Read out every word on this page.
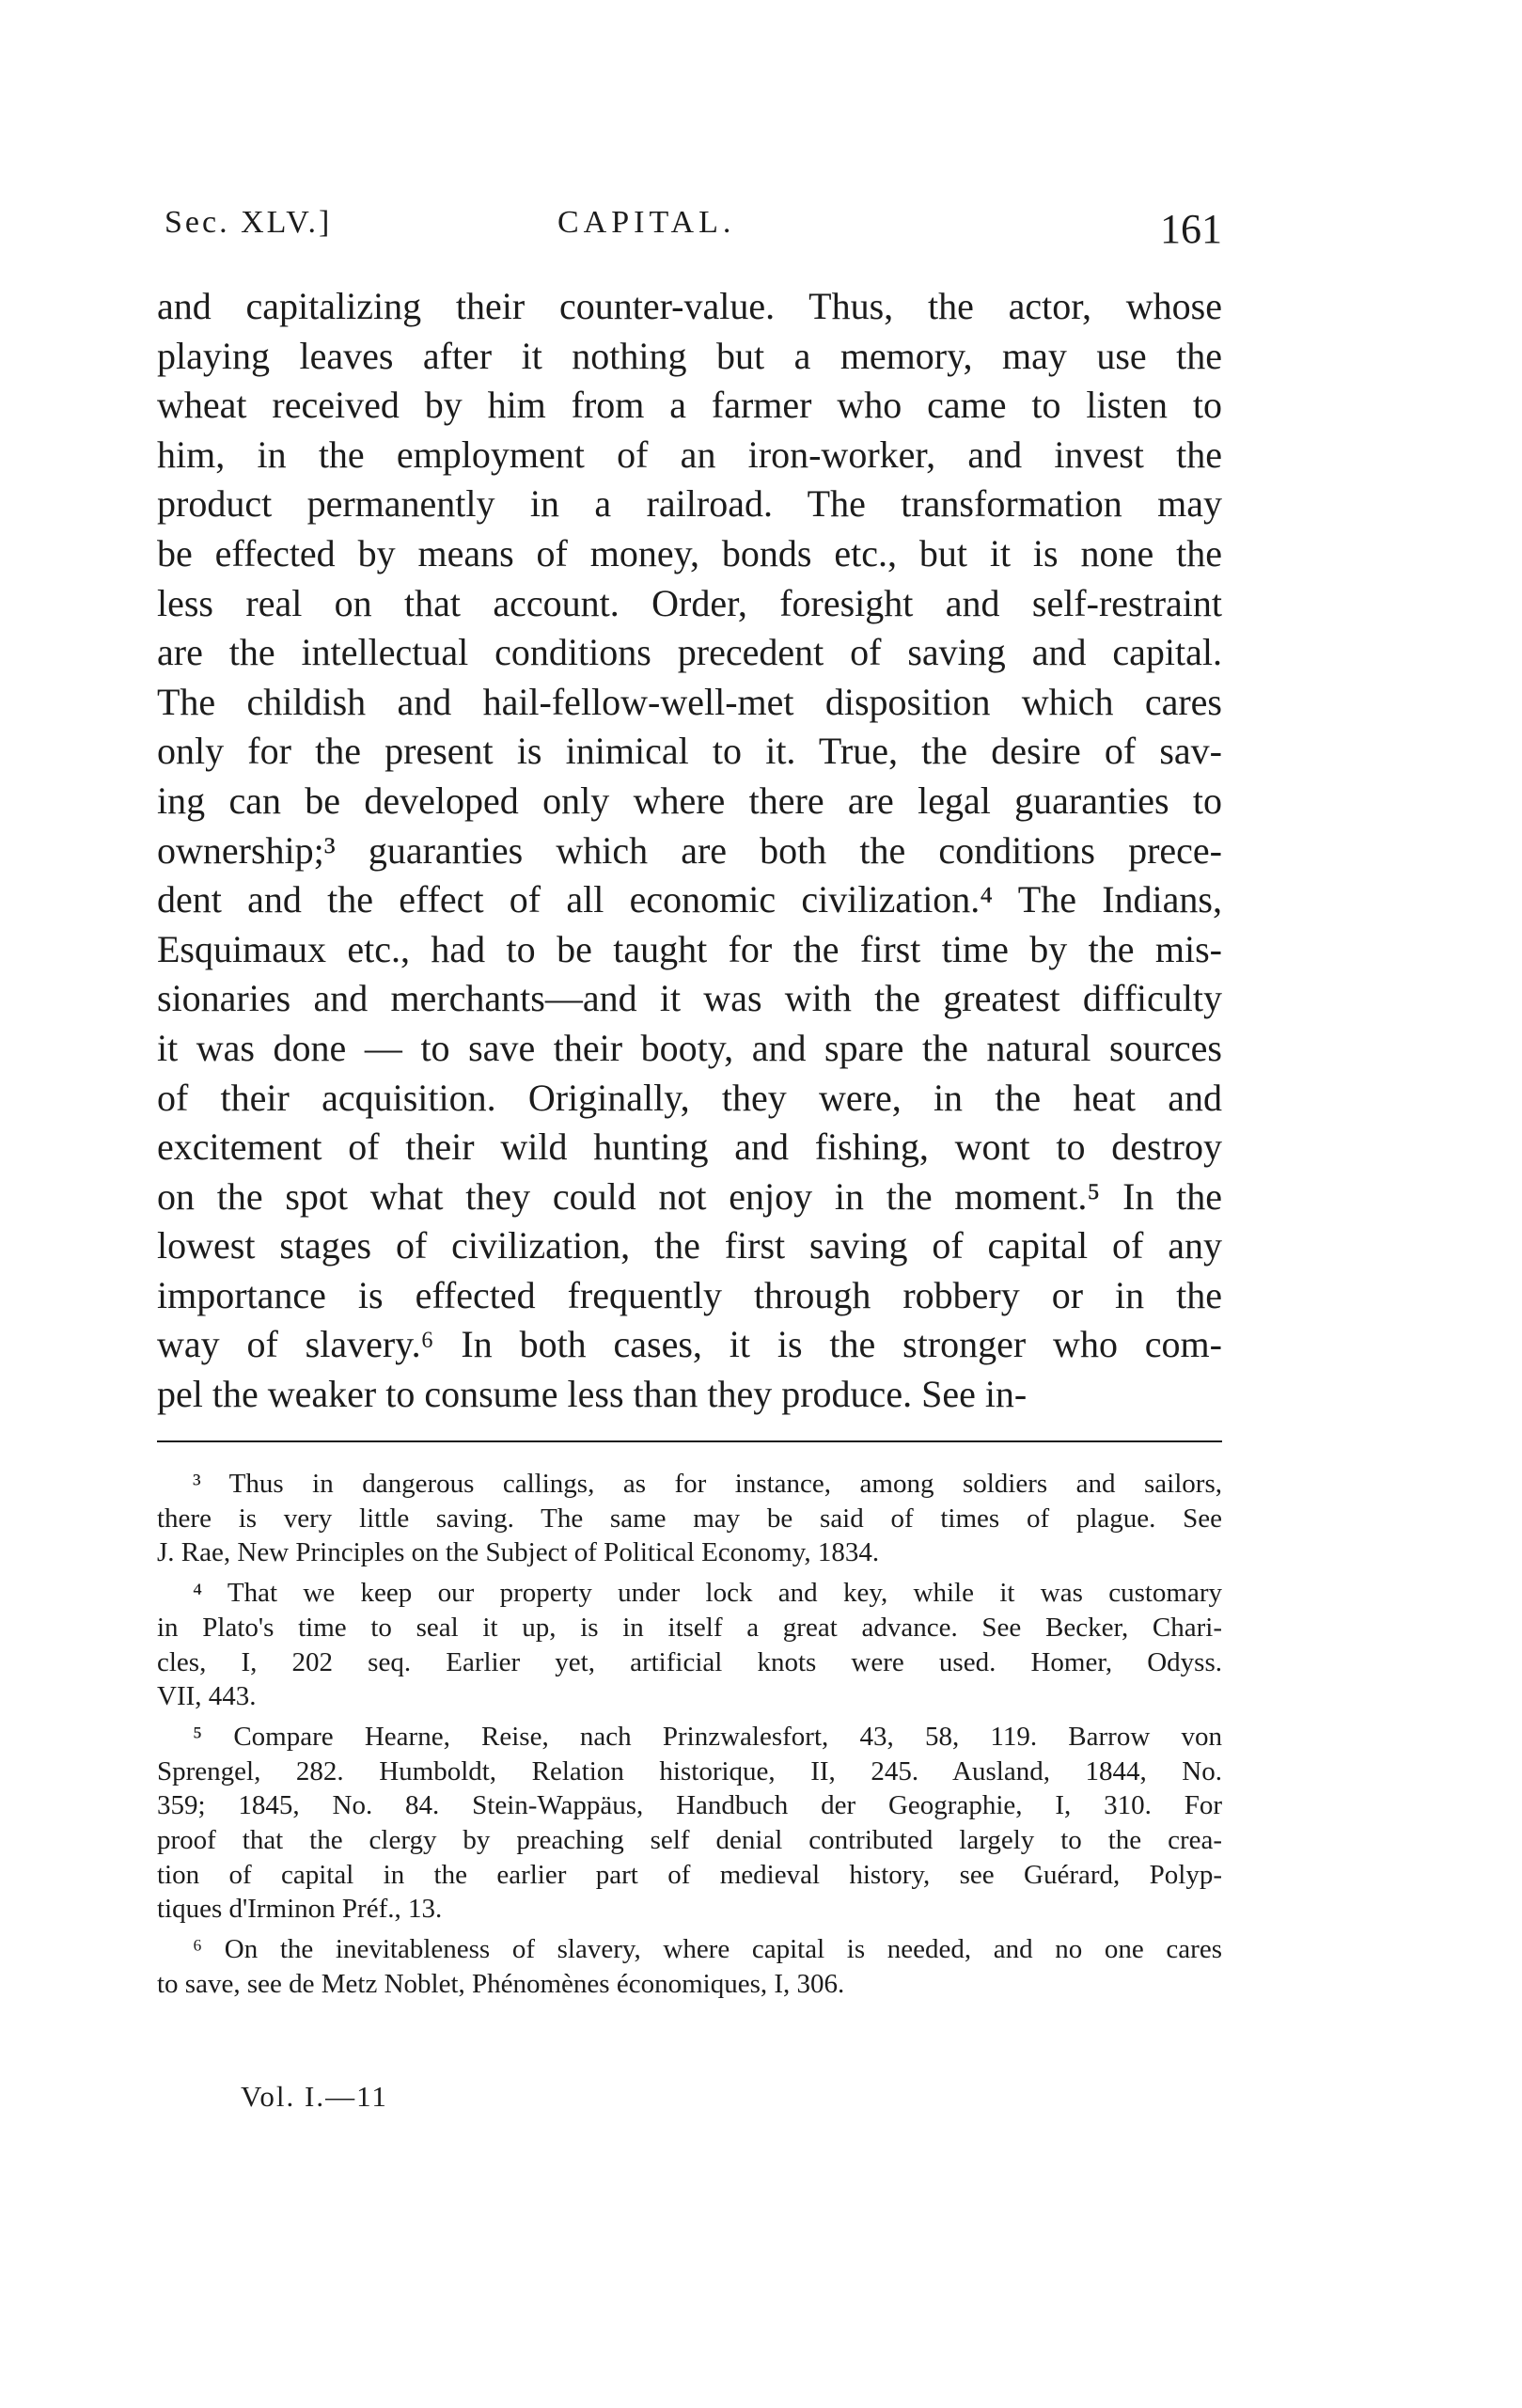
Sec. XLV.]	CAPITAL.	161
and capitalizing their counter-value. Thus, the actor, whose
playing leaves after it nothing but a memory, may use the
wheat received by him from a farmer who came to listen to
him, in the employment of an iron-worker, and invest the
product permanently in a railroad. The transformation may
be effected by means of money, bonds etc., but it is none the
less real on that account. Order, foresight and self-restraint
are the intellectual conditions precedent of saving and capital.
The childish and hail-fellow-well-met disposition which cares
only for the present is inimical to it. True, the desire of sav-
ing can be developed only where there are legal guaranties to
ownership;³ guaranties which are both the conditions prece-
dent and the effect of all economic civilization.⁴ The Indians,
Esquimaux etc., had to be taught for the first time by the mis-
sionaries and merchants—and it was with the greatest difficulty
it was done — to save their booty, and spare the natural sources
of their acquisition. Originally, they were, in the heat and
excitement of their wild hunting and fishing, wont to destroy
on the spot what they could not enjoy in the moment.⁵ In the
lowest stages of civilization, the first saving of capital of any
importance is effected frequently through robbery or in the
way of slavery.⁶ In both cases, it is the stronger who com-
pel the weaker to consume less than they produce. See in-
³ Thus in dangerous callings, as for instance, among soldiers and sailors,
there is very little saving. The same may be said of times of plague. See
J. Rae, New Principles on the Subject of Political Economy, 1834.
⁴ That we keep our property under lock and key, while it was customary
in Plato's time to seal it up, is in itself a great advance. See Becker, Chari-
cles, I, 202 seq. Earlier yet, artificial knots were used. Homer, Odyss.
VII, 443.
⁵ Compare Hearne, Reise, nach Prinzwalesfort, 43, 58, 119. Barrow von
Sprengel, 282. Humboldt, Relation historique, II, 245. Ausland, 1844, No.
359; 1845, No. 84. Stein-Wappäus, Handbuch der Geographie, I, 310. For
proof that the clergy by preaching self denial contributed largely to the crea-
tion of capital in the earlier part of medieval history, see Guérard, Polyp-
tiques d'Irminon Préf., 13.
⁶ On the inevitableness of slavery, where capital is needed, and no one cares
to save, see de Metz Noblet, Phénomènes économiques, I, 306.
Vol. I.—11
